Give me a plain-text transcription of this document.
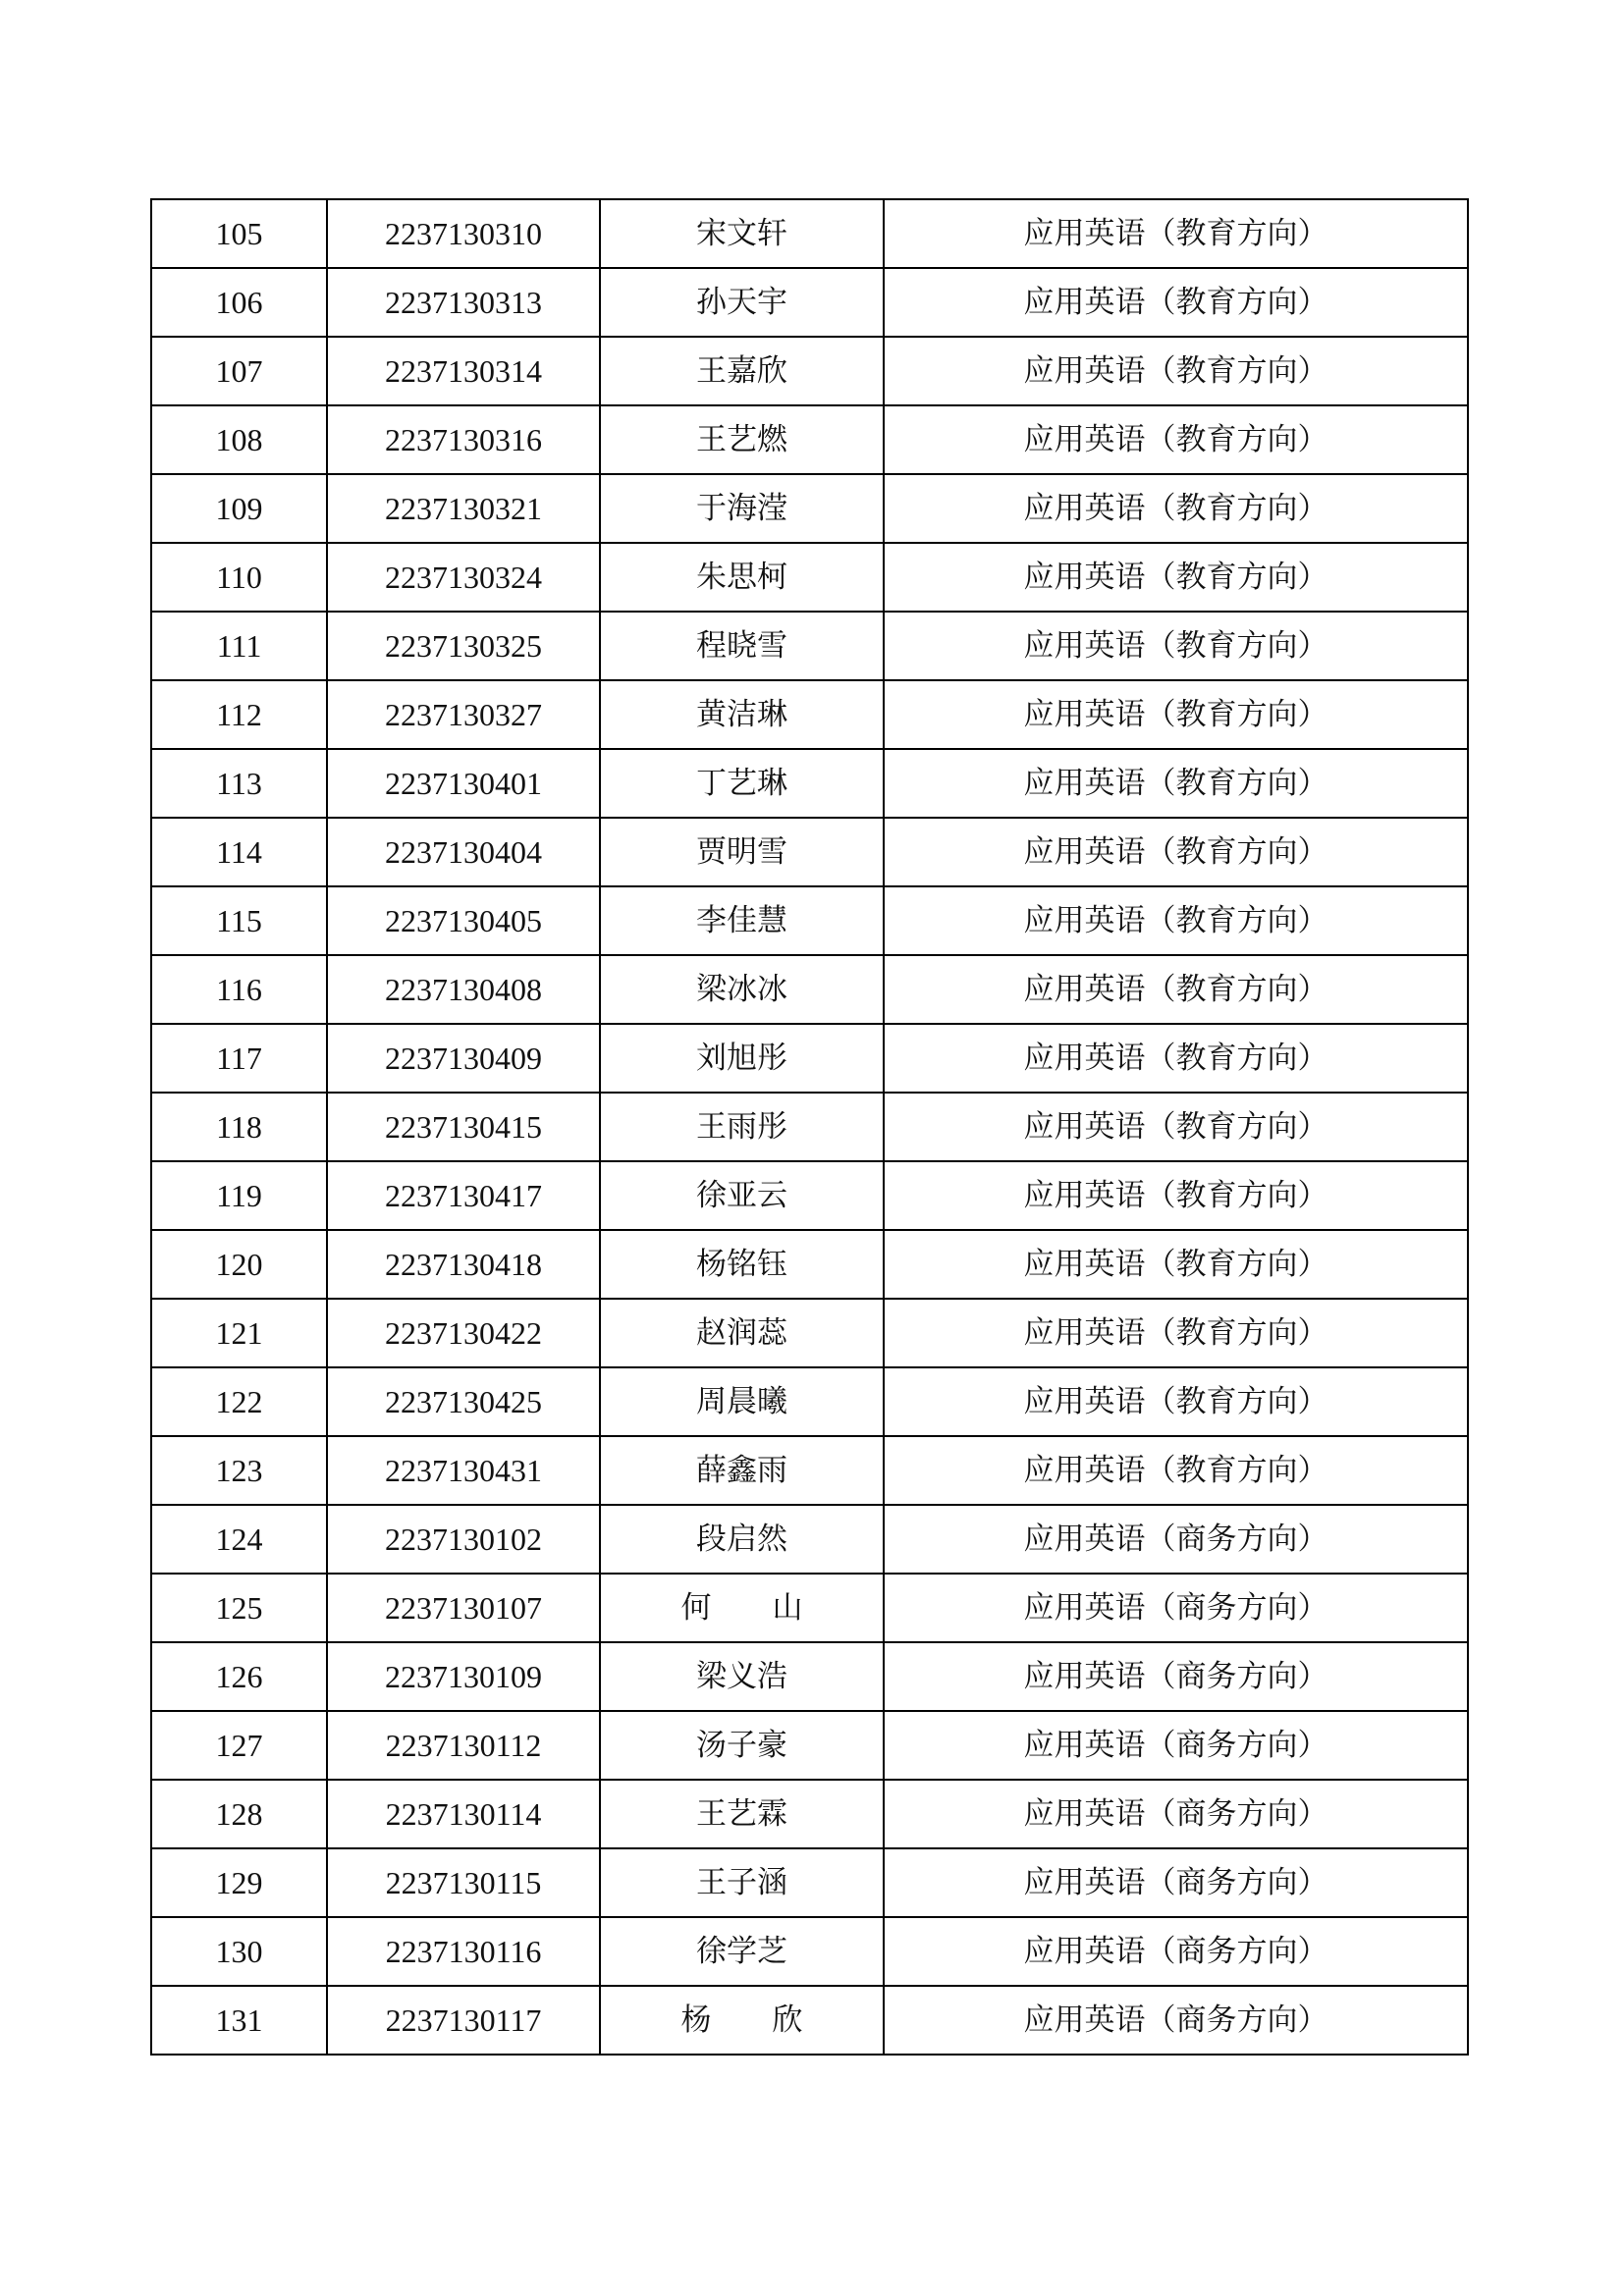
105	2237130310	宋文轩	应用英语（教育方向）
106	2237130313	孙天宇	应用英语（教育方向）
107	2237130314	王嘉欣	应用英语（教育方向）
108	2237130316	王艺燃	应用英语（教育方向）
109	2237130321	于海滢	应用英语（教育方向）
110	2237130324	朱思柯	应用英语（教育方向）
111	2237130325	程晓雪	应用英语（教育方向）
112	2237130327	黄洁琳	应用英语（教育方向）
113	2237130401	丁艺琳	应用英语（教育方向）
114	2237130404	贾明雪	应用英语（教育方向）
115	2237130405	李佳慧	应用英语（教育方向）
116	2237130408	梁冰冰	应用英语（教育方向）
117	2237130409	刘旭彤	应用英语（教育方向）
118	2237130415	王雨彤	应用英语（教育方向）
119	2237130417	徐亚云	应用英语（教育方向）
120	2237130418	杨铭钰	应用英语（教育方向）
121	2237130422	赵润蕊	应用英语（教育方向）
122	2237130425	周晨曦	应用英语（教育方向）
123	2237130431	薛鑫雨	应用英语（教育方向）
124	2237130102	段启然	应用英语（商务方向）
125	2237130107	何　　山	应用英语（商务方向）
126	2237130109	梁义浩	应用英语（商务方向）
127	2237130112	汤子豪	应用英语（商务方向）
128	2237130114	王艺霖	应用英语（商务方向）
129	2237130115	王子涵	应用英语（商务方向）
130	2237130116	徐学芝	应用英语（商务方向）
131	2237130117	杨　　欣	应用英语（商务方向）
